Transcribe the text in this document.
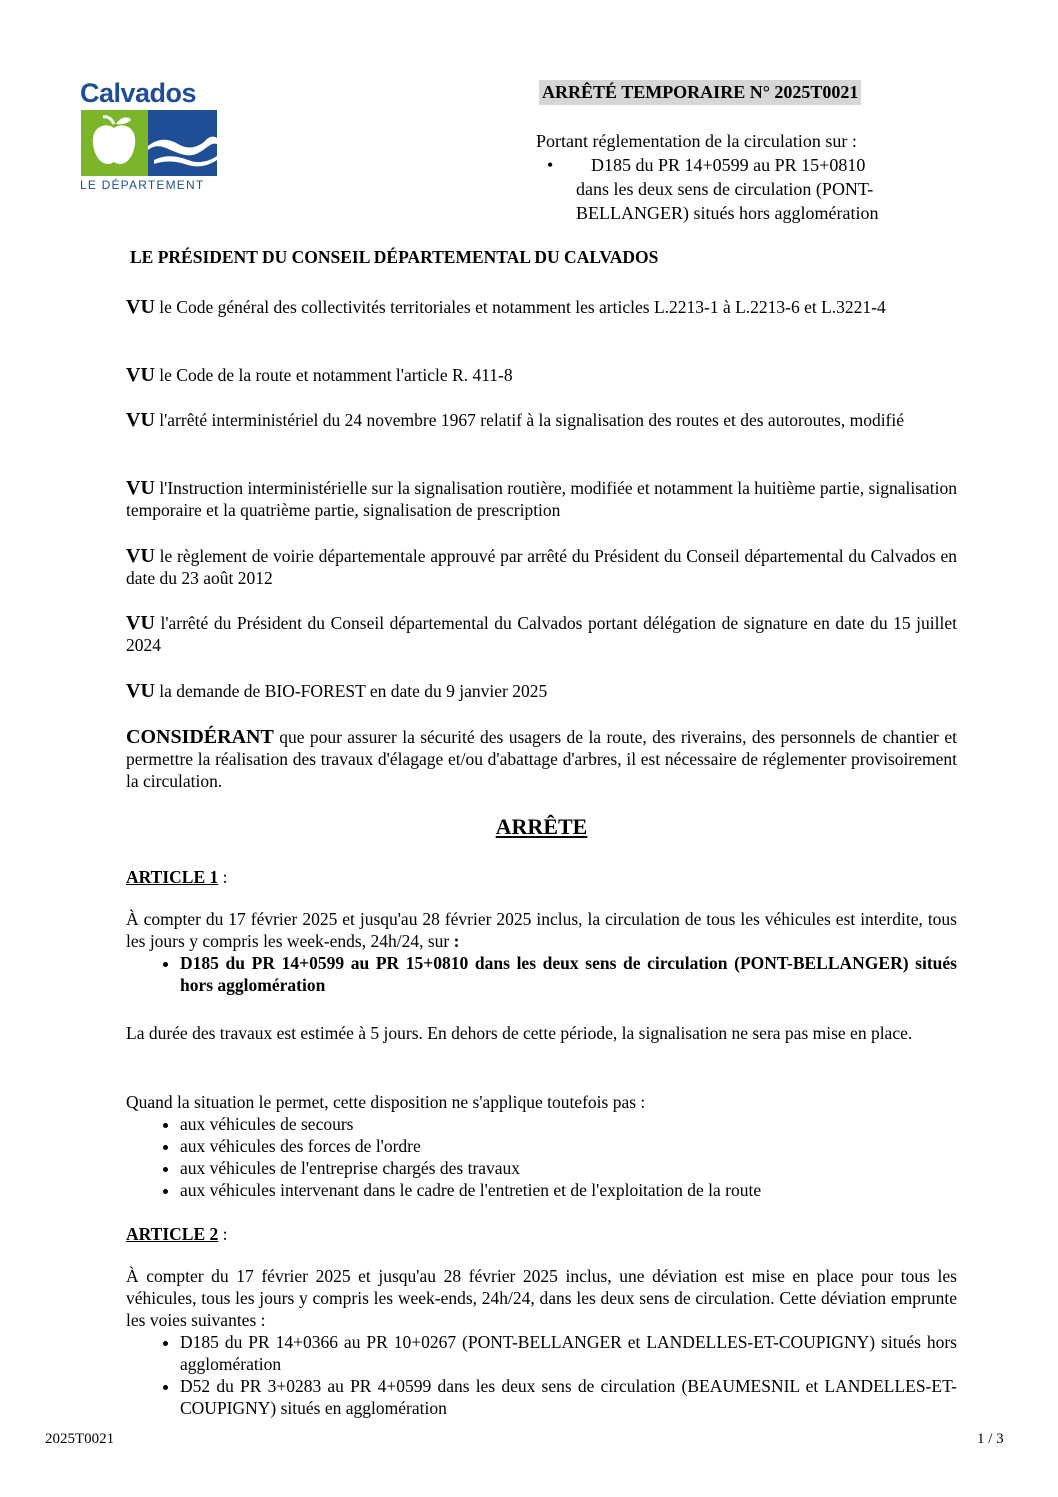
Calvados
LE DÉPARTEMENT
ARRÊTÉ TEMPORAIRE N° 2025T0021
Portant réglementation de la circulation sur :
• D185 du PR 14+0599 au PR 15+0810
dans les deux sens de circulation (PONT-
BELLANGER) situés hors agglomération
LE PRÉSIDENT DU CONSEIL DÉPARTEMENTAL DU CALVADOS
VU le Code général des collectivités territoriales et notamment les articles L.2213-1 à L.2213-6 et L.3221-4
VU le Code de la route et notamment l'article R. 411-8
VU l'arrêté interministériel du 24 novembre 1967 relatif à la signalisation des routes et des autoroutes, modifié
VU l'Instruction interministérielle sur la signalisation routière, modifiée et notamment la huitième partie, signalisation temporaire et la quatrième partie, signalisation de prescription
VU le règlement de voirie départementale approuvé par arrêté du Président du Conseil départemental du Calvados en date du 23 août 2012
VU l'arrêté du Président du Conseil départemental du Calvados portant délégation de signature en date du 15 juillet 2024
VU la demande de BIO-FOREST en date du 9 janvier 2025
CONSIDÉRANT que pour assurer la sécurité des usagers de la route, des riverains, des personnels de chantier et permettre la réalisation des travaux d'élagage et/ou d'abattage d'arbres, il est nécessaire de réglementer provisoirement la circulation.
ARRÊTE
ARTICLE 1 :
À compter du 17 février 2025 et jusqu'au 28 février 2025 inclus, la circulation de tous les véhicules est interdite, tous les jours y compris les week-ends, 24h/24, sur :
• D185 du PR 14+0599 au PR 15+0810 dans les deux sens de circulation (PONT-BELLANGER) situés hors agglomération
La durée des travaux est estimée à 5 jours. En dehors de cette période, la signalisation ne sera pas mise en place.
Quand la situation le permet, cette disposition ne s'applique toutefois pas :
• aux véhicules de secours
• aux véhicules des forces de l'ordre
• aux véhicules de l'entreprise chargés des travaux
• aux véhicules intervenant dans le cadre de l'entretien et de l'exploitation de la route
ARTICLE 2 :
À compter du 17 février 2025 et jusqu'au 28 février 2025 inclus, une déviation est mise en place pour tous les véhicules, tous les jours y compris les week-ends, 24h/24, dans les deux sens de circulation. Cette déviation emprunte les voies suivantes :
• D185 du PR 14+0366 au PR 10+0267 (PONT-BELLANGER et LANDELLES-ET-COUPIGNY) situés hors agglomération
• D52 du PR 3+0283 au PR 4+0599 dans les deux sens de circulation (BEAUMESNIL et LANDELLES-ET-COUPIGNY) situés en agglomération
2025T0021	1 / 3
